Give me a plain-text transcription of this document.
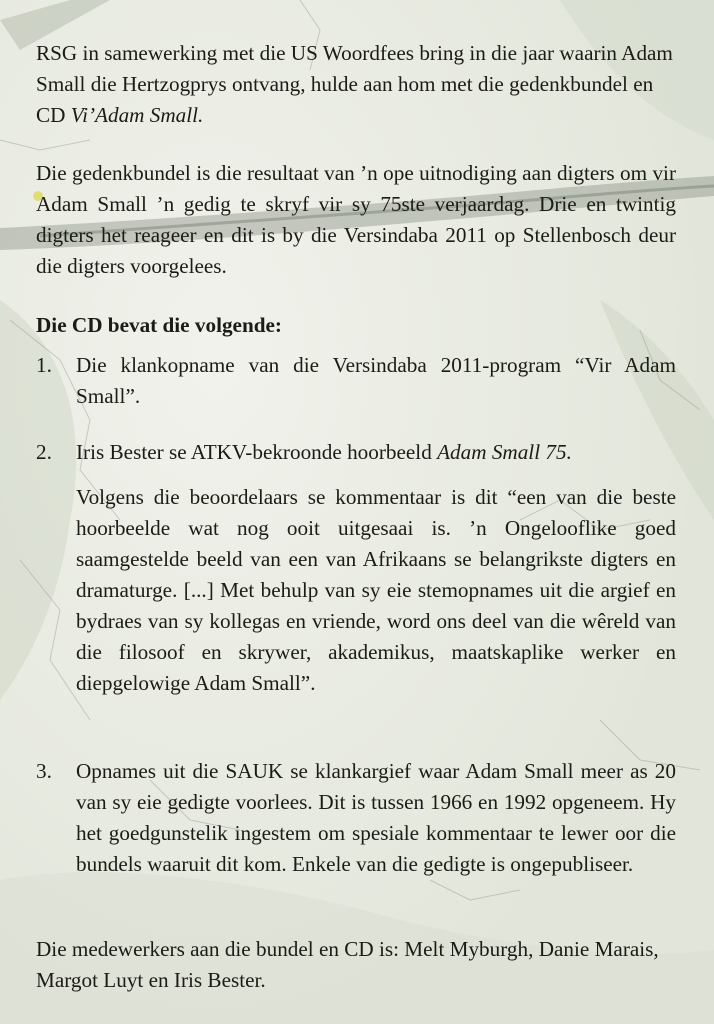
RSG in samewerking met die US Woordfees bring in die jaar waarin Adam Small die Hertzogprys ontvang, hulde aan hom met die gedenkbundel en CD Vi’Adam Small.

Die gedenkbundel is die resultaat van ’n ope uitnodiging aan digters om vir Adam Small ’n gedig te skryf vir sy 75ste verjaardag. Drie en twintig digters het reageer en dit is by die Versindaba 2011 op Stellenbosch deur die digters voorgelees.

Die CD bevat die volgende:

1. Die klankopname van die Versindaba 2011-program “Vir Adam Small”.

2. Iris Bester se ATKV-bekroonde hoorbeeld Adam Small 75.

Volgens die beoordelaars se kommentaar is dit “een van die beste hoorbeelde wat nog ooit uitgesaai is. ’n Ongelooflike goed saamgestelde beeld van een van Afrikaans se belangrikste digters en dramaturge. [...] Met behulp van sy eie stemopnames uit die argief en bydraes van sy kollegas en vriende, word ons deel van die wêreld van die filosoof en skrywer, akademikus, maatskaplike werker en diepgelowige Adam Small”.

3. Opnames uit die SAUK se klankargief waar Adam Small meer as 20 van sy eie gedigte voorlees. Dit is tussen 1966 en 1992 opgeneem. Hy het goedgunstelik ingestem om spesiale kommentaar te lewer oor die bundels waaruit dit kom. Enkele van die gedigte is ongepubliseer.

Die medewerkers aan die bundel en CD is: Melt Myburgh, Danie Marais, Margot Luyt en Iris Bester.
